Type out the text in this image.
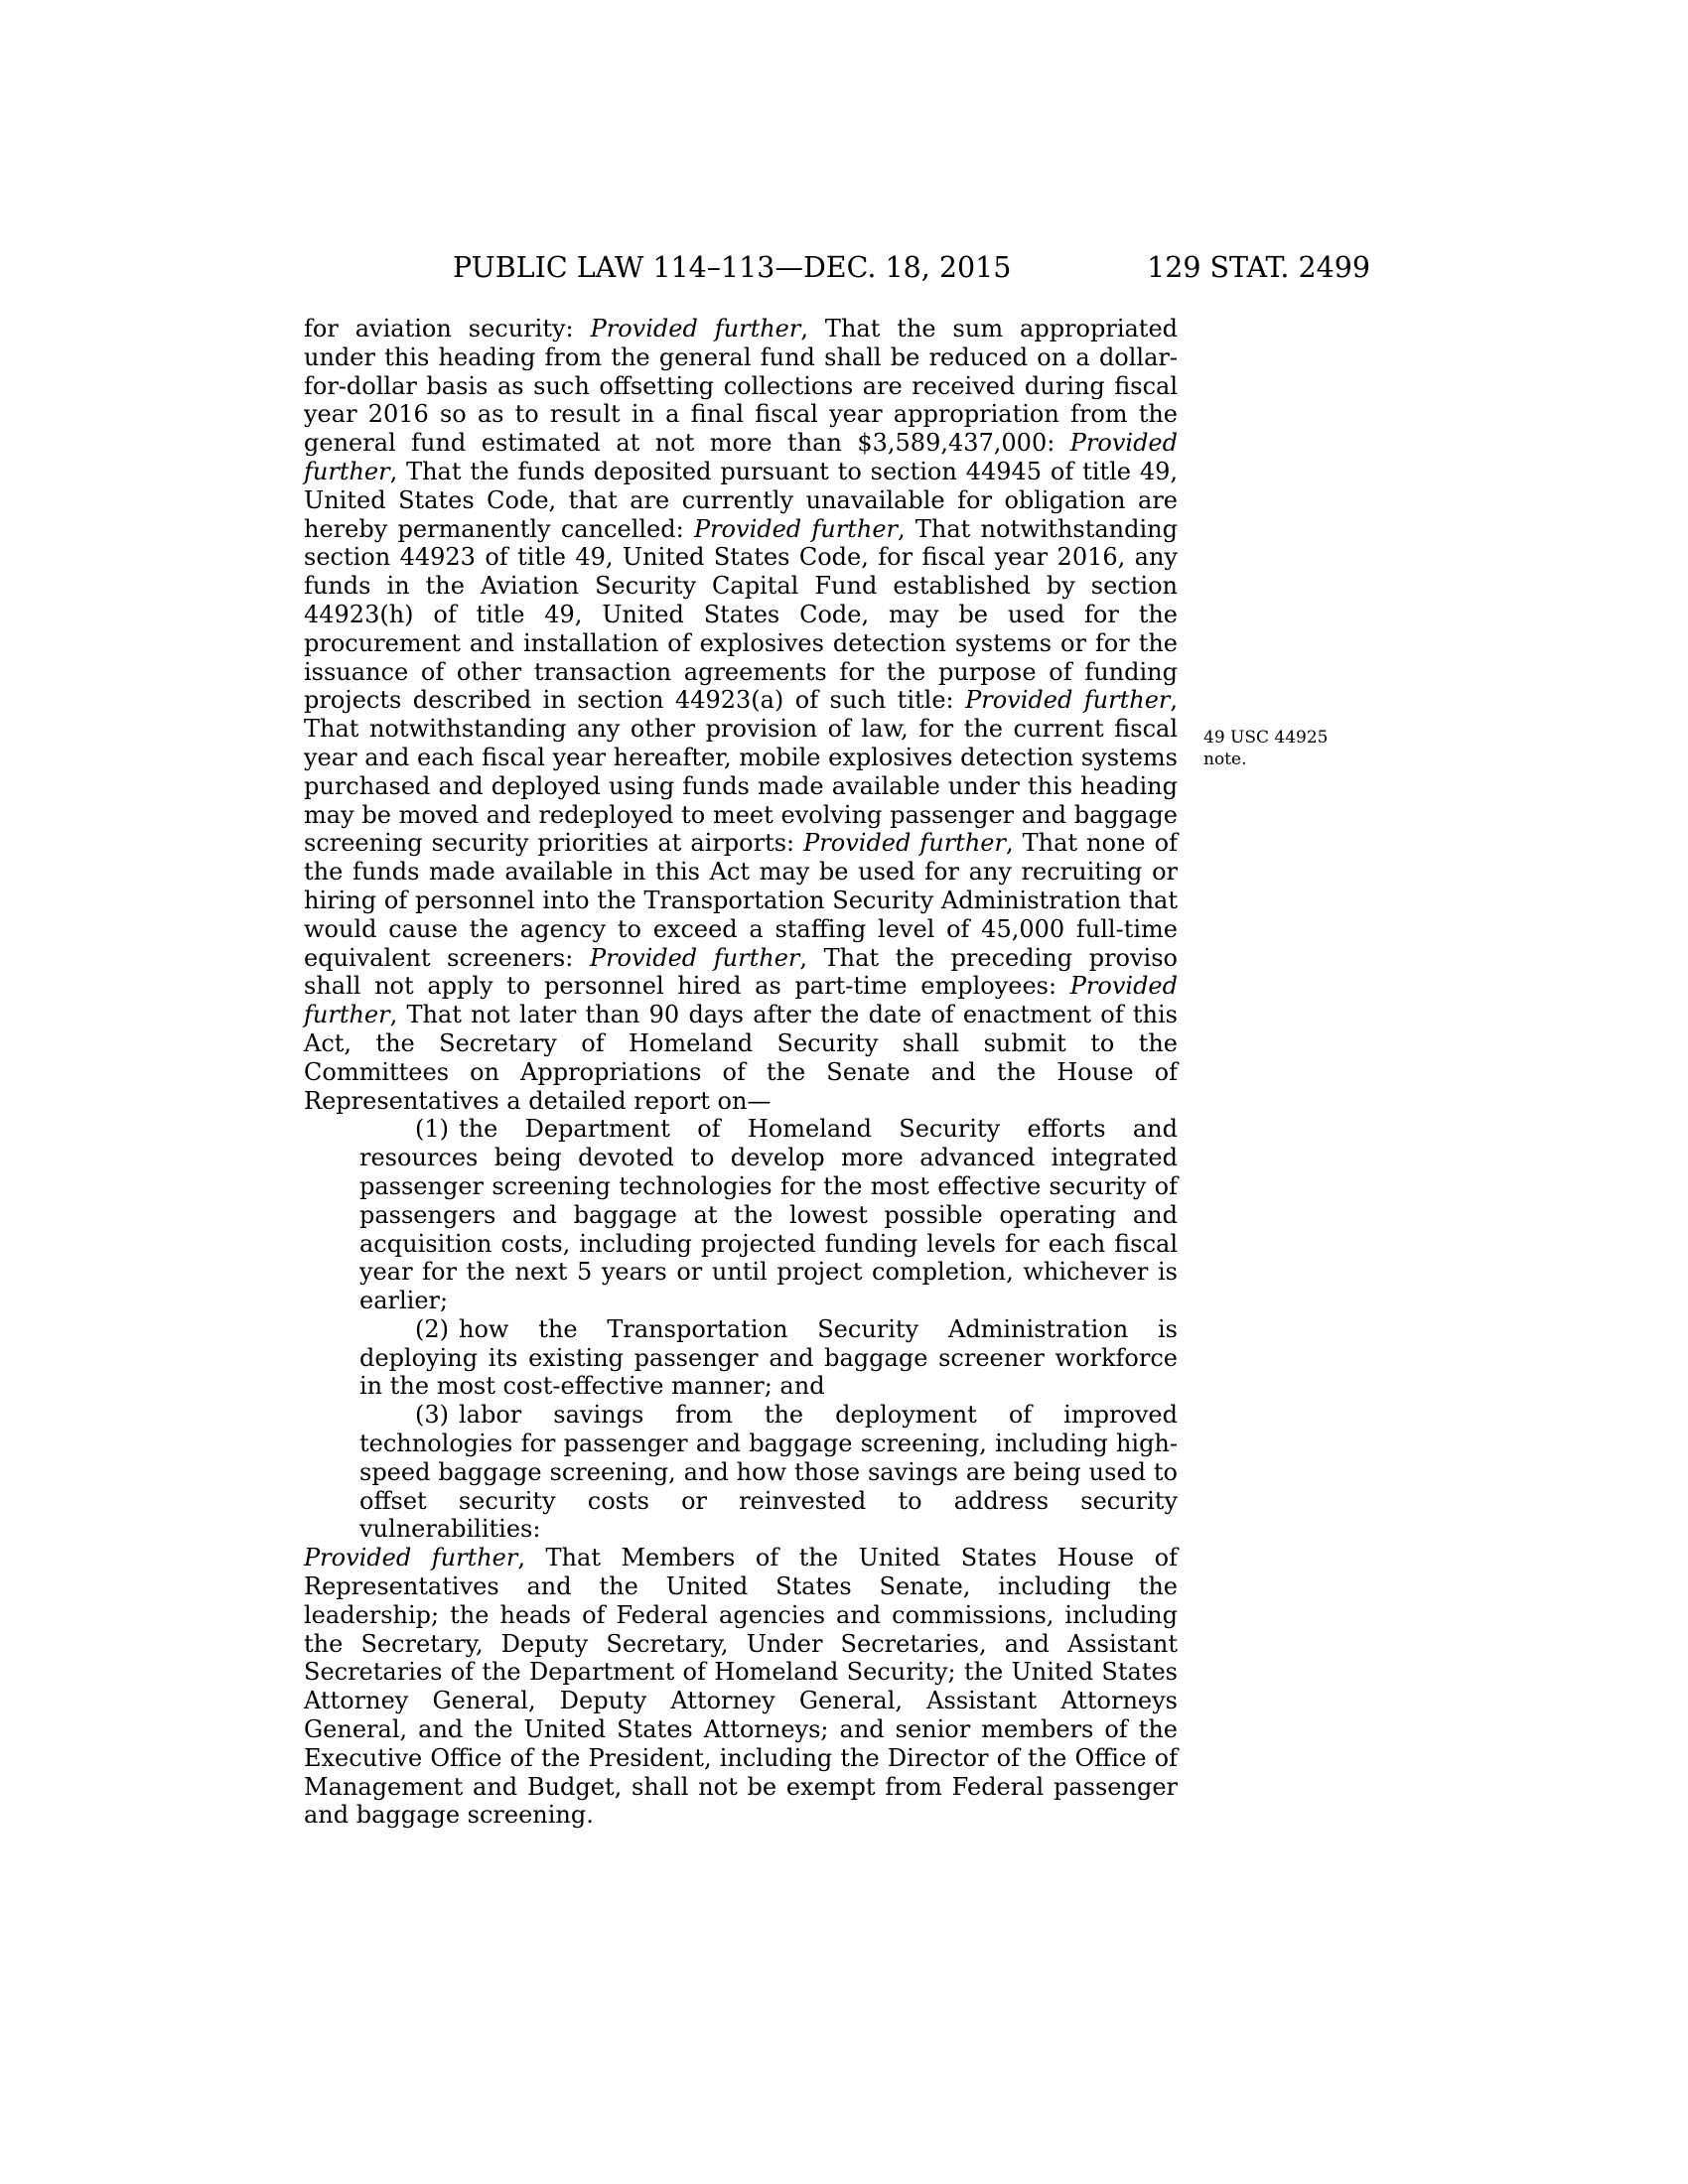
PUBLIC LAW 114–113—DEC. 18, 2015	129 STAT. 2499
49 USC 44925
note.

for aviation security: Provided further, That the sum appropriated under this heading from the general fund shall be reduced on a dollar-for-dollar basis as such offsetting collections are received during fiscal year 2016 so as to result in a final fiscal year appropriation from the general fund estimated at not more than $3,589,437,000: Provided further, That the funds deposited pursuant to section 44945 of title 49, United States Code, that are currently unavailable for obligation are hereby permanently cancelled: Provided further, That notwithstanding section 44923 of title 49, United States Code, for fiscal year 2016, any funds in the Aviation Security Capital Fund established by section 44923(h) of title 49, United States Code, may be used for the procurement and installation of explosives detection systems or for the issuance of other transaction agreements for the purpose of funding projects described in section 44923(a) of such title: Provided further, That notwithstanding any other provision of law, for the current fiscal year and each fiscal year hereafter, mobile explosives detection systems purchased and deployed using funds made available under this heading may be moved and redeployed to meet evolving passenger and baggage screening security priorities at airports: Provided further, That none of the funds made available in this Act may be used for any recruiting or hiring of personnel into the Transportation Security Administration that would cause the agency to exceed a staffing level of 45,000 full-time equivalent screeners: Provided further, That the preceding proviso shall not apply to personnel hired as part-time employees: Provided further, That not later than 90 days after the date of enactment of this Act, the Secretary of Homeland Security shall submit to the Committees on Appropriations of the Senate and the House of Representatives a detailed report on—

(1) the Department of Homeland Security efforts and resources being devoted to develop more advanced integrated passenger screening technologies for the most effective security of passengers and baggage at the lowest possible operating and acquisition costs, including projected funding levels for each fiscal year for the next 5 years or until project completion, whichever is earlier;

(2) how the Transportation Security Administration is deploying its existing passenger and baggage screener workforce in the most cost-effective manner; and

(3) labor savings from the deployment of improved technologies for passenger and baggage screening, including high-speed baggage screening, and how those savings are being used to offset security costs or reinvested to address security vulnerabilities:

Provided further, That Members of the United States House of Representatives and the United States Senate, including the leadership; the heads of Federal agencies and commissions, including the Secretary, Deputy Secretary, Under Secretaries, and Assistant Secretaries of the Department of Homeland Security; the United States Attorney General, Deputy Attorney General, Assistant Attorneys General, and the United States Attorneys; and senior members of the Executive Office of the President, including the Director of the Office of Management and Budget, shall not be exempt from Federal passenger and baggage screening.
